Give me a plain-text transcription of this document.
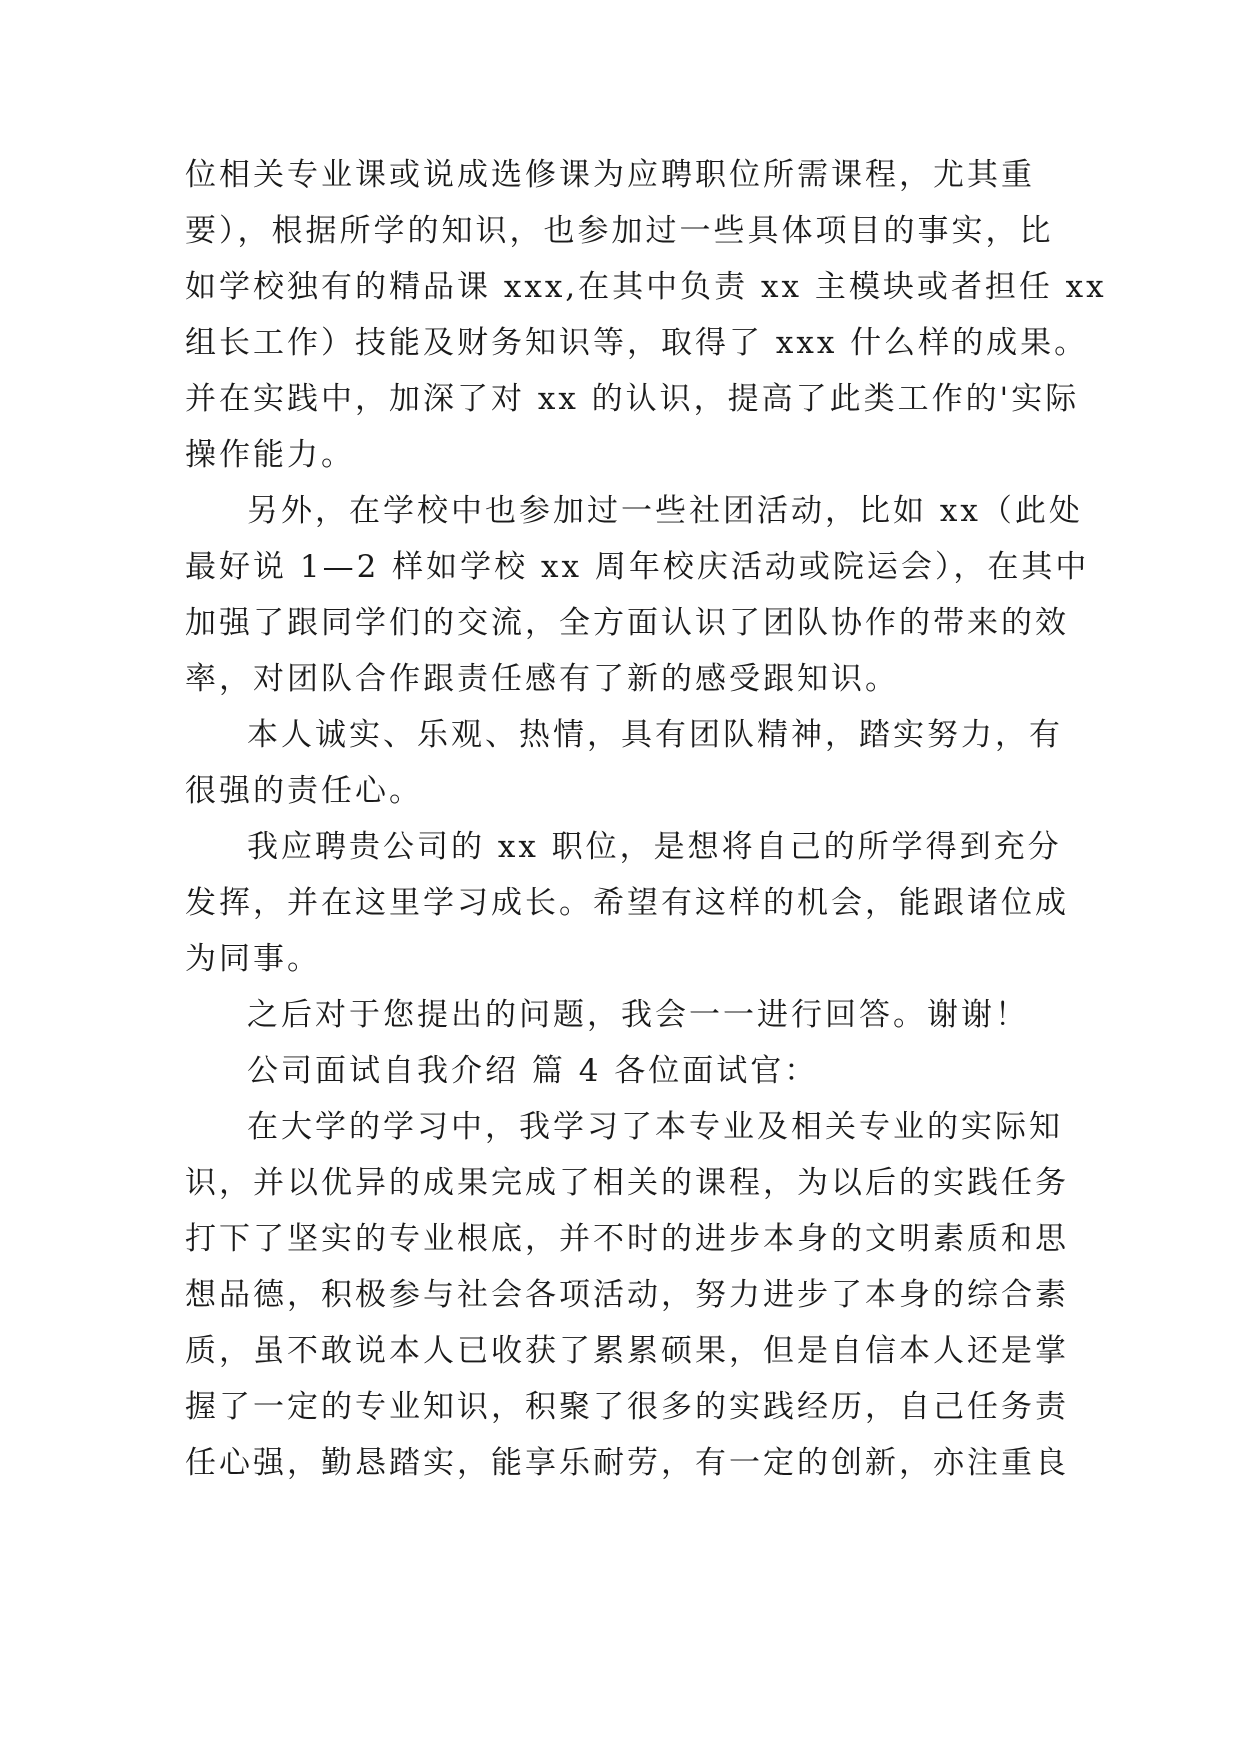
位相关专业课或说成选修课为应聘职位所需课程，尤其重
要），根据所学的知识，也参加过一些具体项目的事实，比
如学校独有的精品课 xxx,在其中负责 xx 主模块或者担任 xx
组长工作）技能及财务知识等，取得了 xxx 什么样的成果。
并在实践中，加深了对 xx 的认识，提高了此类工作的'实际
操作能力。
另外，在学校中也参加过一些社团活动，比如 xx（此处
最好说 1—2 样如学校 xx 周年校庆活动或院运会），在其中
加强了跟同学们的交流，全方面认识了团队协作的带来的效
率，对团队合作跟责任感有了新的感受跟知识。
本人诚实、乐观、热情，具有团队精神，踏实努力，有
很强的责任心。
我应聘贵公司的 xx 职位，是想将自己的所学得到充分
发挥，并在这里学习成长。希望有这样的机会，能跟诸位成
为同事。
之后对于您提出的问题，我会一一进行回答。谢谢！
公司面试自我介绍 篇 4 各位面试官：
在大学的学习中，我学习了本专业及相关专业的实际知
识，并以优异的成果完成了相关的课程，为以后的实践任务
打下了坚实的专业根底，并不时的进步本身的文明素质和思
想品德，积极参与社会各项活动，努力进步了本身的综合素
质，虽不敢说本人已收获了累累硕果，但是自信本人还是掌
握了一定的专业知识，积聚了很多的实践经历，自己任务责
任心强，勤恳踏实，能享乐耐劳，有一定的创新，亦注重良
